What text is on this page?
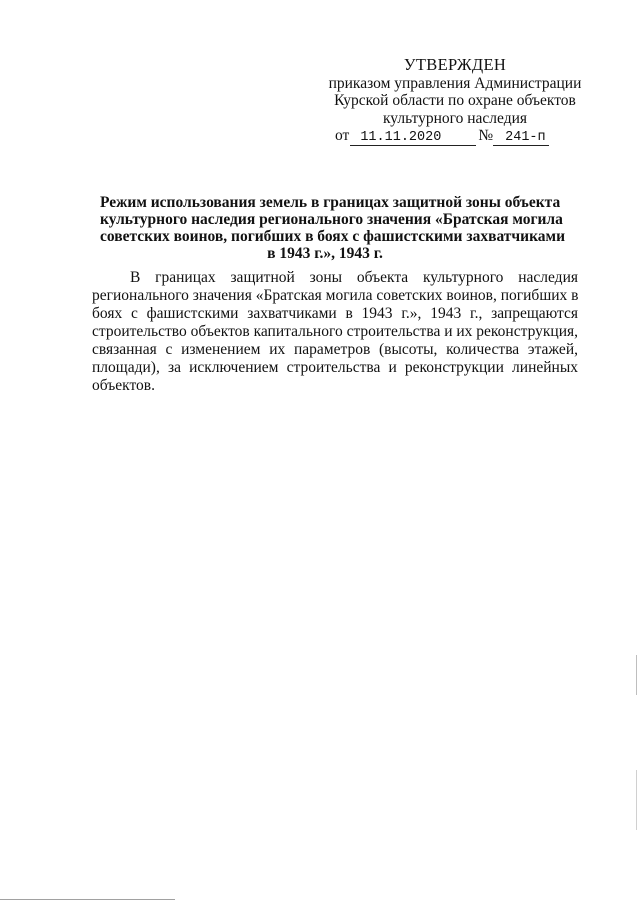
УТВЕРЖДЕН
приказом управления Администрации
Курской области по охране объектов
культурного наследия
от 11.11.2020 № 241-п
Режим использования земель в границах защитной зоны объекта
культурного наследия регионального значения «Братская могила
советских воинов, погибших в боях с фашистскими захватчиками
в 1943 г.», 1943 г.
В границах защитной зоны объекта культурного наследия
регионального значения «Братская могила советских воинов, погибших в
боях с фашистскими захватчиками в 1943 г.», 1943 г., запрещаются
строительство объектов капитального строительства и их реконструкция,
связанная с изменением их параметров (высоты, количества этажей,
площади), за исключением строительства и реконструкции линейных
объектов.
